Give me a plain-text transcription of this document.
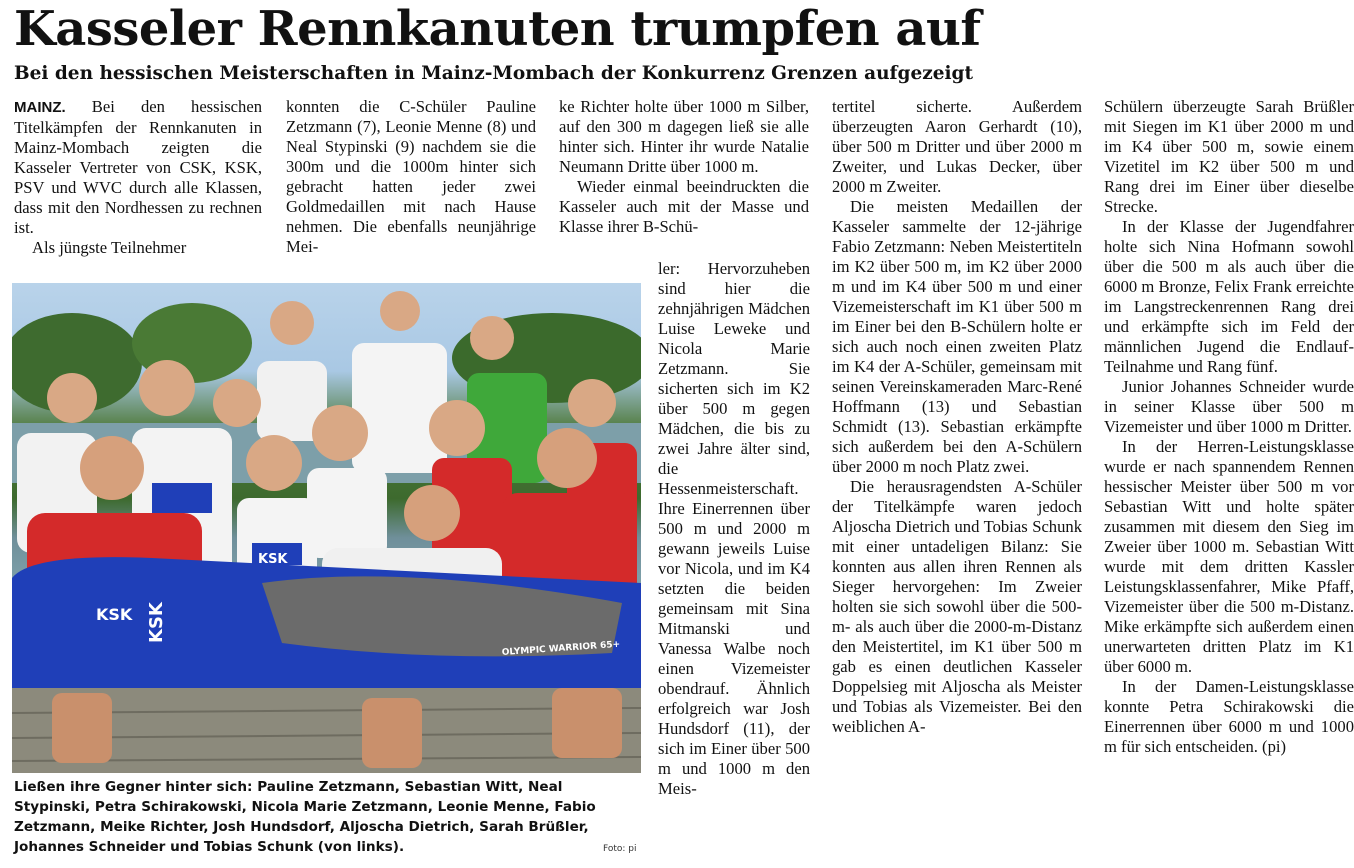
Kasseler Rennkanuten trumpfen auf
Bei den hessischen Meisterschaften in Mainz-Mombach der Konkurrenz Grenzen aufgezeigt

MAINZ. Bei den hessischen Titelkämpfen der Rennkanuten in Mainz-Mombach zeigten die Kasseler Vertreter von CSK, KSK, PSV und WVC durch alle Klassen, dass mit den Nordhessen zu rechnen ist.

Als jüngste Teilnehmer

konnten die C-Schüler Pauline Zetzmann (7), Leonie Menne (8) und Neal Stypinski (9) nachdem sie die 300m und die 1000m hinter sich gebracht hatten jeder zwei Goldmedaillen mit nach Hause nehmen. Die ebenfalls neunjährige Mei-

ke Richter holte über 1000 m Silber, auf den 300 m dagegen ließ sie alle hinter sich. Hinter ihr wurde Natalie Neumann Dritte über 1000 m.

Wieder einmal beeindruckten die Kasseler auch mit der Masse und Klasse ihrer B-Schü-

ler: Hervorzuheben sind hier die zehnjährigen Mädchen Luise Leweke und Nicola Marie Zetzmann. Sie sicherten sich im K2 über 500 m gegen Mädchen, die bis zu zwei Jahre älter sind, die Hessenmeisterschaft. Ihre Einerrennen über 500 m und 2000 m gewann jeweils Luise vor Nicola, und im K4 setzten die beiden gemeinsam mit Sina Mitmanski und Vanessa Walbe noch einen Vizemeister obendrauf. Ähnlich erfolgreich war Josh Hundsdorf (11), der sich im Einer über 500 m und 1000 m den Meis-

tertitel sicherte. Außerdem überzeugten Aaron Gerhardt (10), über 500 m Dritter und über 2000 m Zweiter, und Lukas Decker, über 2000 m Zweiter.

Die meisten Medaillen der Kasseler sammelte der 12-jährige Fabio Zetzmann: Neben Meistertiteln im K2 über 500 m, im K2 über 2000 m und im K4 über 500 m und einer Vizemeisterschaft im K1 über 500 m im Einer bei den B-Schülern holte er sich auch noch einen zweiten Platz im K4 der A-Schüler, gemeinsam mit seinen Vereinskameraden Marc-René Hoffmann (13) und Sebastian Schmidt (13). Sebastian erkämpfte sich außerdem bei den A-Schülern über 2000 m noch Platz zwei.

Die herausragendsten A-Schüler der Titelkämpfe waren jedoch Aljoscha Dietrich und Tobias Schunk mit einer untadeligen Bilanz: Sie konnten aus allen ihren Rennen als Sieger hervorgehen: Im Zweier holten sie sich sowohl über die 500-m- als auch über die 2000-m-Distanz den Meistertitel, im K1 über 500 m gab es einen deutlichen Kasseler Doppelsieg mit Aljoscha als Meister und Tobias als Vizemeister. Bei den weiblichen A-

Schülern überzeugte Sarah Brüßler mit Siegen im K1 über 2000 m und im K4 über 500 m, sowie einem Vizetitel im K2 über 500 m und Rang drei im Einer über dieselbe Strecke.

In der Klasse der Jugendfahrer holte sich Nina Hofmann sowohl über die 500 m als auch über die 6000 m Bronze, Felix Frank erreichte im Langstreckenrennen Rang drei und erkämpfte sich im Feld der männlichen Jugend die Endlauf-Teilnahme und Rang fünf.

Junior Johannes Schneider wurde in seiner Klasse über 500 m Vizemeister und über 1000 m Dritter.

In der Herren-Leistungsklasse wurde er nach spannendem Rennen hessischer Meister über 500 m vor Sebastian Witt und holte später zusammen mit diesem den Sieg im Zweier über 1000 m. Sebastian Witt wurde mit dem dritten Kassler Leistungsklassenfahrer, Mike Pfaff, Vizemeister über die 500 m-Distanz. Mike erkämpfte sich außerdem einen unerwarteten dritten Platz im K1 über 6000 m.

In der Damen-Leistungsklasse konnte Petra Schirakowski die Einerrennen über 6000 m und 1000 m für sich entscheiden. (pi)

KSK
OLYMPIC WARRIOR 65+
KSK
KSK

Ließen ihre Gegner hinter sich: Pauline Zetzmann, Sebastian Witt, Neal Stypinski, Petra Schirakowski, Nicola Marie Zetzmann, Leonie Menne, Fabio Zetzmann, Meike Richter, Josh Hundsdorf, Aljoscha Dietrich, Sarah Brüßler, Johannes Schneider und Tobias Schunk (von links).	Foto: pi
